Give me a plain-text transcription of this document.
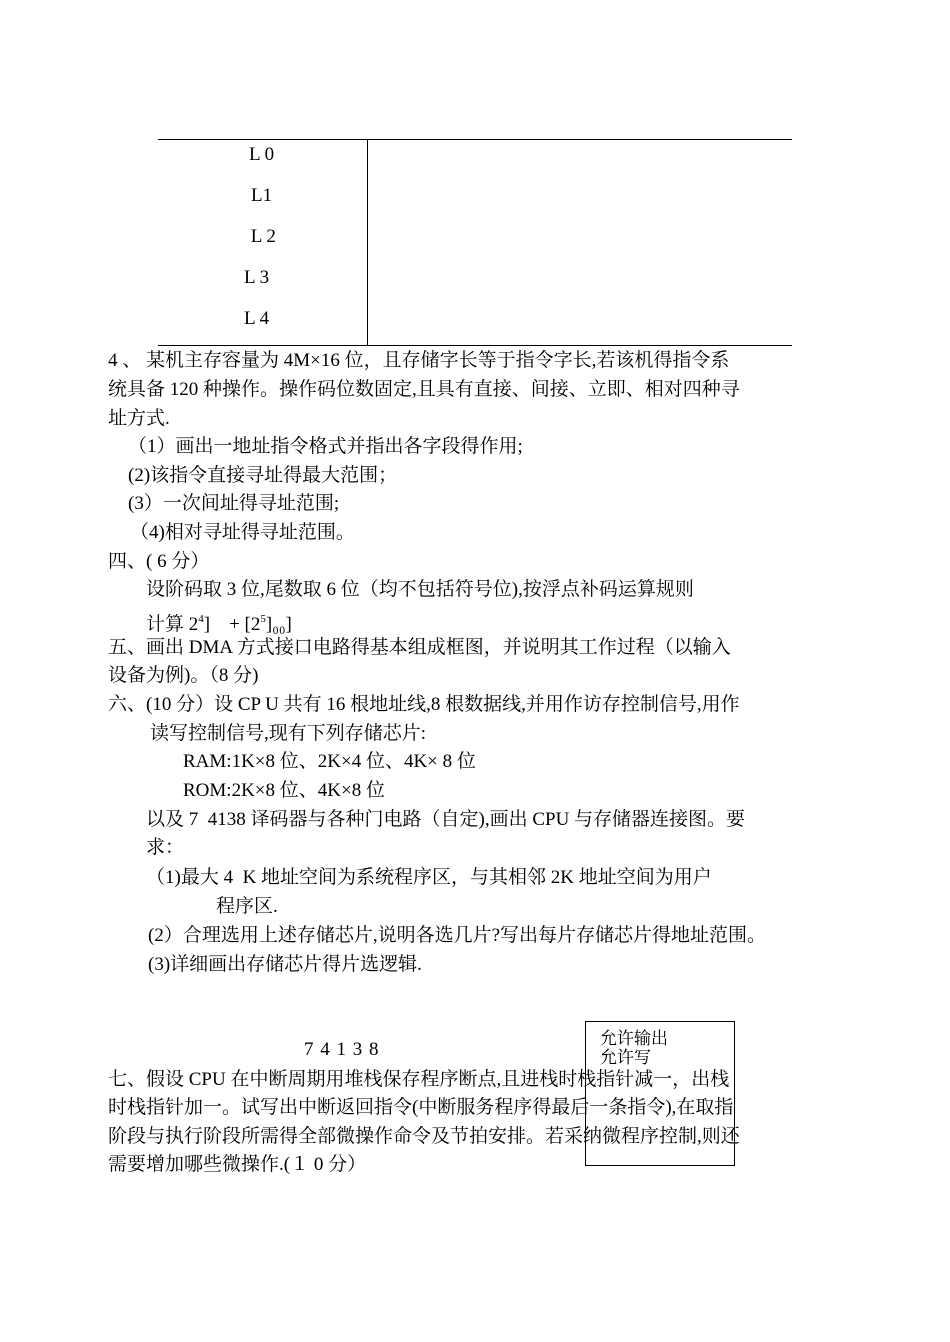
L 0
L1
L 2
L 3
L 4
4 、 某机主存容量为 4M×16 位，且存储字长等于指令字长,若该机得指令系
统具备 120 种操作。操作码位数固定,且具有直接、间接、立即、相对四种寻
址方式.
（1）画出一地址指令格式并指出各字段得作用;
(2)该指令直接寻址得最大范围；
(3）一次间址得寻址范围;
（4)相对寻址得寻址范围。
四、( 6 分）
设阶码取 3 位,尾数取 6 位（均不包括符号位),按浮点补码运算规则
计算 $2^4$]    + $[2^5]_{00}$]
五、画出 DMA 方式接口电路得基本组成框图，并说明其工作过程（以输入
设备为例)。（8 分)
六、(10 分）设 CP U 共有 16 根地址线,8 根数据线,并用作访存控制信号,用作
读写控制信号,现有下列存储芯片:
RAM:1K×8 位、2K×4 位、4K× 8 位
ROM:2K×8 位、4K×8 位
以及 7  4138 译码器与各种门电路（自定),画出 CPU 与存储器连接图。要
求：
（1)最大 4  K 地址空间为系统程序区，与其相邻 2K 地址空间为用户
程序区.
(2）合理选用上述存储芯片,说明各选几片?写出每片存储芯片得地址范围。
(3)详细画出存储芯片得片选逻辑.
7 4 1 3 8
允许输出
允许写
七、假设 CPU 在中断周期用堆栈保存程序断点,且进栈时栈指针减一，出栈
时栈指针加一。试写出中断返回指令(中断服务程序得最后一条指令),在取指
阶段与执行阶段所需得全部微操作命令及节拍安排。若采纳微程序控制,则还
需要增加哪些微操作.(１ 0 分）
